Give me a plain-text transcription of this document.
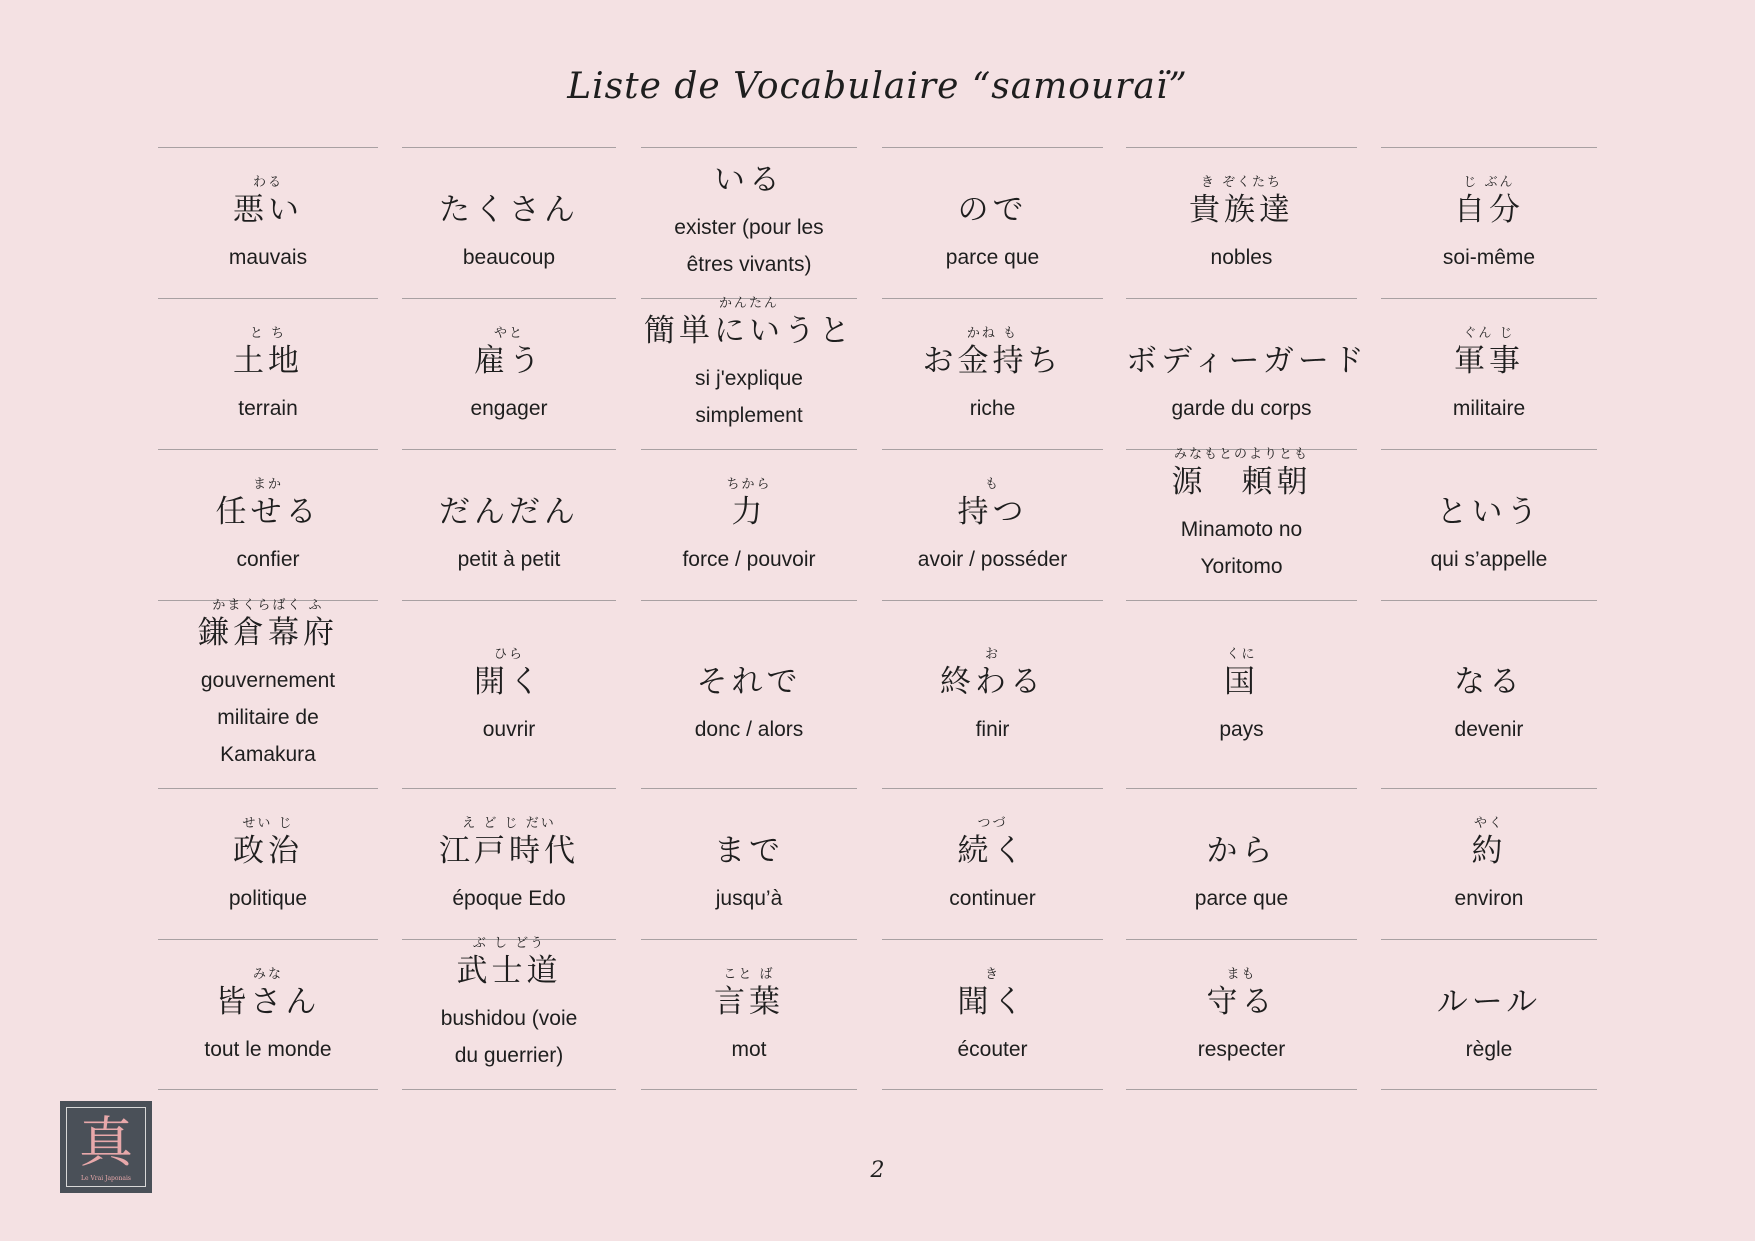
Liste de Vocabulaire “samouraï”
わる
悪い
mauvais
たくさん
beaucoup
いる
exister (pour les
êtres vivants)
ので
parce que
き ぞくたち
貴族達
nobles
じ ぶん
自分
soi-même
と ち
土地
terrain
やと
雇う
engager
かんたん
簡単にいうと
si j'explique
simplement
かね も
お金持ち
riche
ボディーガード
garde du corps
ぐん じ
軍事
militaire
まか
任せる
confier
だんだん
petit à petit
ちから
力
force / pouvoir
も
持つ
avoir / posséder
みなもとのよりとも
源　頼朝
Minamoto no
Yoritomo
という
qui s’appelle
かまくらばく ふ
鎌倉幕府
gouvernement
militaire de
Kamakura
ひら
開く
ouvrir
それで
donc / alors
お
終わる
finir
くに
国
pays
なる
devenir
せい じ
政治
politique
え ど じ だい
江戸時代
époque Edo
まで
jusqu’à
つづ
続く
continuer
から
parce que
やく
約
environ
みな
皆さん
tout le monde
ぶ し どう
武士道
bushidou (voie
du guerrier)
こと ば
言葉
mot
き
聞く
écouter
まも
守る
respecter
ルール
règle
真
Le Vrai Japonais	2
